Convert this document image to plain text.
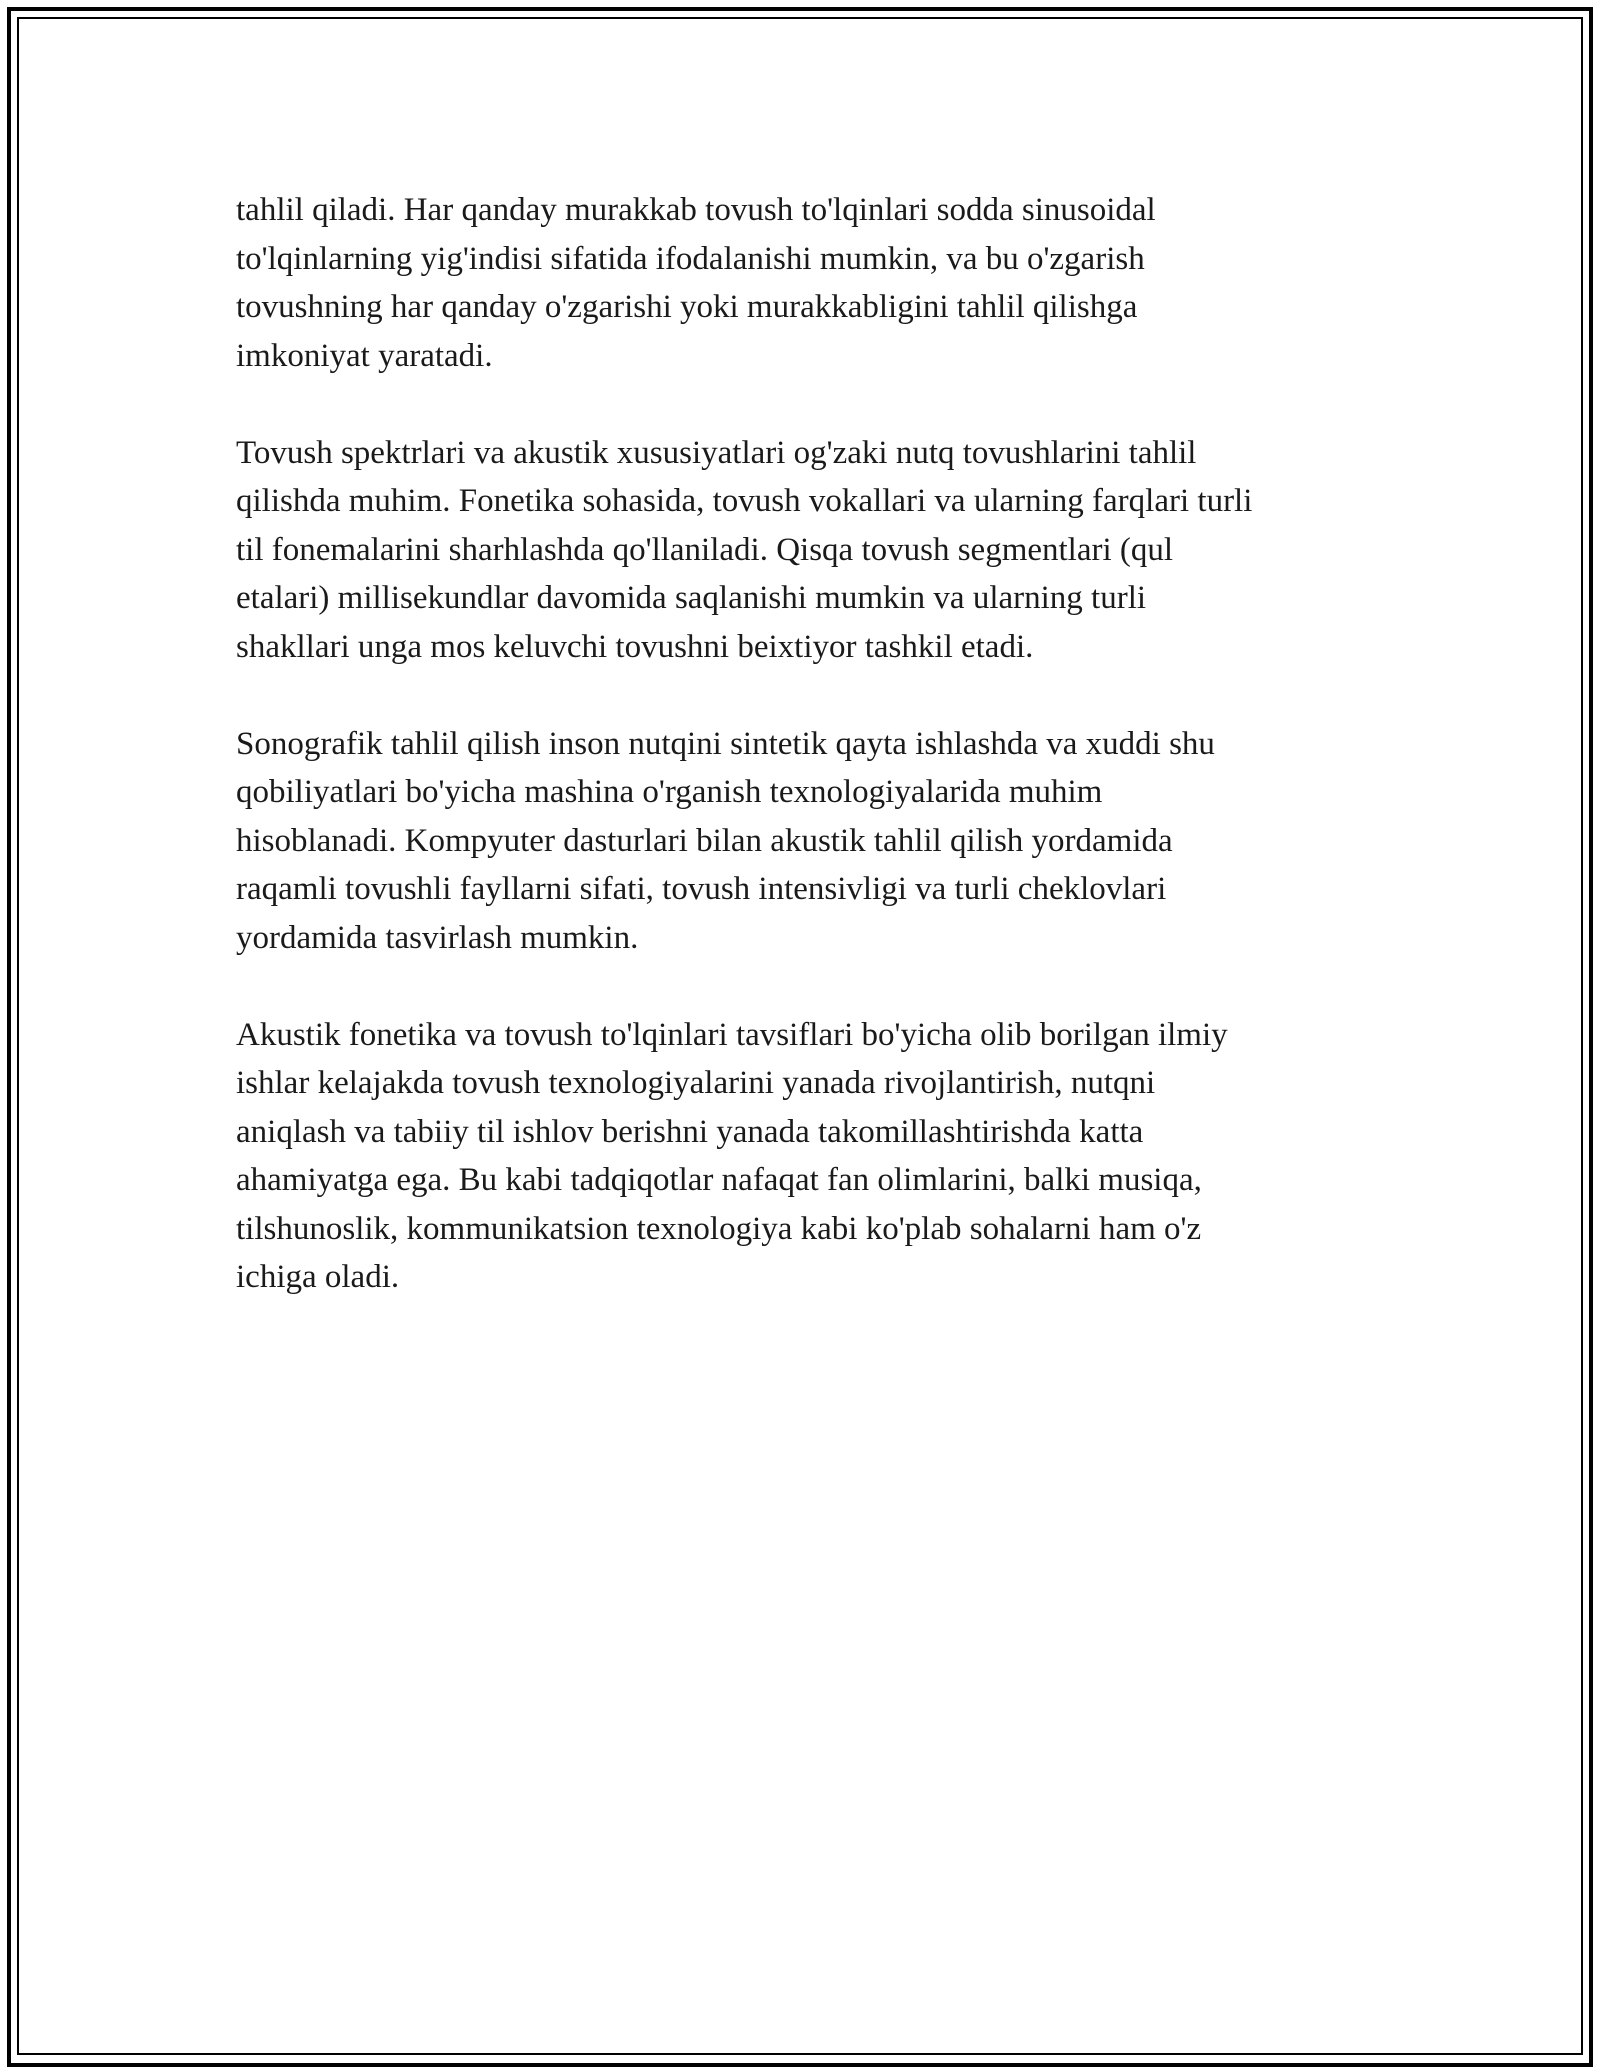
tahlil qiladi. Har qanday murakkab tovush to'lqinlari sodda sinusoidal
to'lqinlarning yig'indisi sifatida ifodalanishi mumkin, va bu o'zgarish
tovushning har qanday o'zgarishi yoki murakkabligini tahlil qilishga
imkoniyat yaratadi.

Tovush spektrlari va akustik xususiyatlari og'zaki nutq tovushlarini tahlil
qilishda muhim. Fonetika sohasida, tovush vokallari va ularning farqlari turli
til fonemalarini sharhlashda qo'llaniladi. Qisqa tovush segmentlari (qul
etalari) millisekundlar davomida saqlanishi mumkin va ularning turli
shakllari unga mos keluvchi tovushni beixtiyor tashkil etadi.

Sonografik tahlil qilish inson nutqini sintetik qayta ishlashda va xuddi shu
qobiliyatlari bo'yicha mashina o'rganish texnologiyalarida muhim
hisoblanadi. Kompyuter dasturlari bilan akustik tahlil qilish yordamida
raqamli tovushli fayllarni sifati, tovush intensivligi va turli cheklovlari
yordamida tasvirlash mumkin.

Akustik fonetika va tovush to'lqinlari tavsiflari bo'yicha olib borilgan ilmiy
ishlar kelajakda tovush texnologiyalarini yanada rivojlantirish, nutqni
aniqlash va tabiiy til ishlov berishni yanada takomillashtirishda katta
ahamiyatga ega. Bu kabi tadqiqotlar nafaqat fan olimlarini, balki musiqa,
tilshunoslik, kommunikatsion texnologiya kabi ko'plab sohalarni ham o'z
ichiga oladi.
